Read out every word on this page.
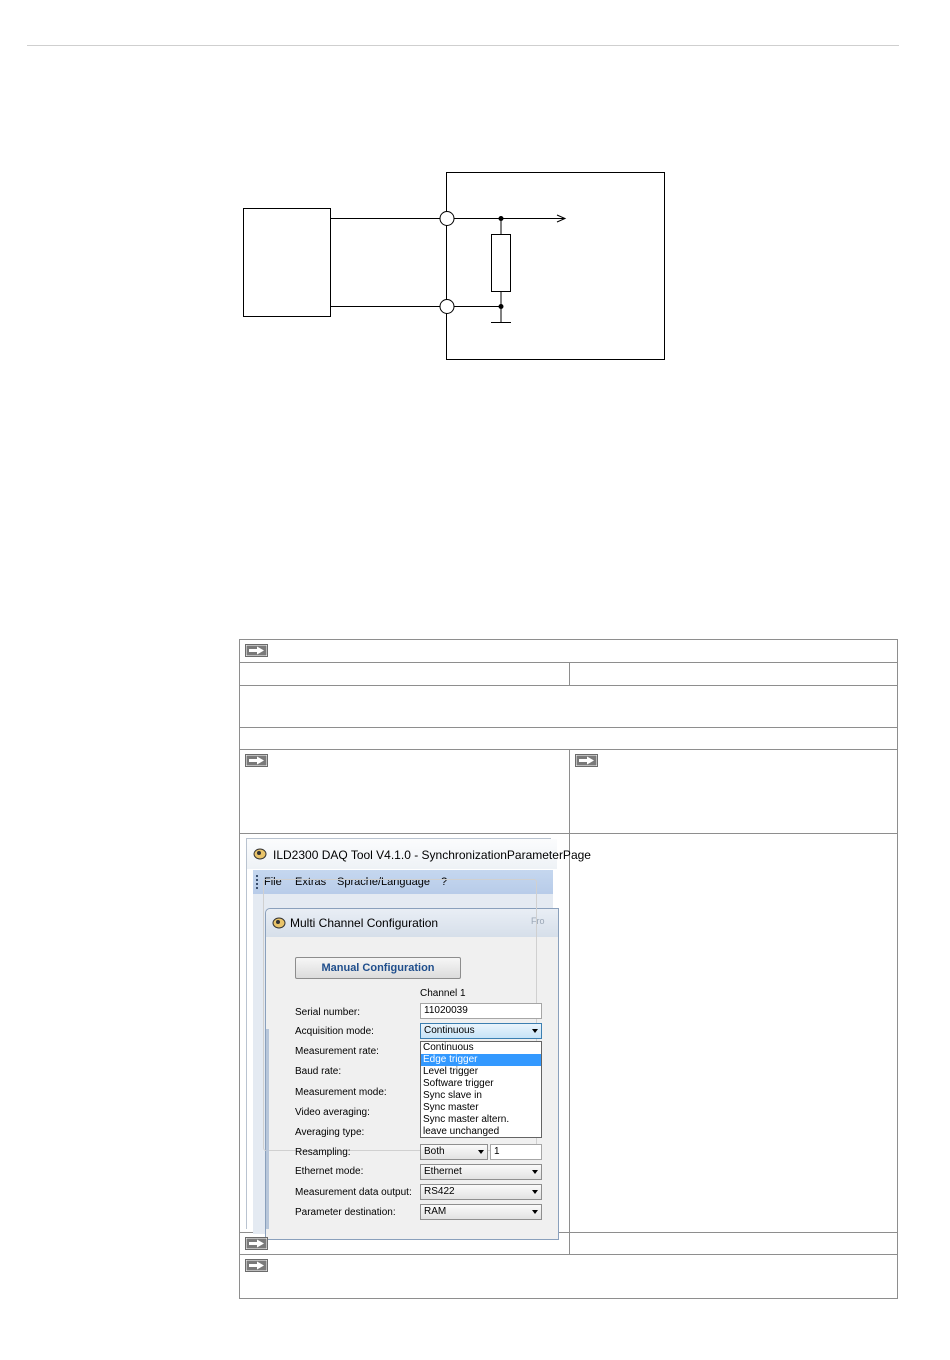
ILD2300 DAQ Tool V4.1.0 - SynchronizationParameterPage
File Extras Sprache/Language ?
Multi Channel Configuration	Fro
Manual Configuration
Channel 1
Serial number:	11020039
Acquisition mode:	Continuous
Continuous
Edge trigger
Level trigger
Software trigger
Sync slave in
Sync master
Sync master altern.
leave unchanged
Measurement rate:
Baud rate:
Measurement mode:
Video averaging:
Averaging type:
Resampling:	Both	1
Ethernet mode:	Ethernet
Measurement data output:	RS422
Parameter destination:	RAM
